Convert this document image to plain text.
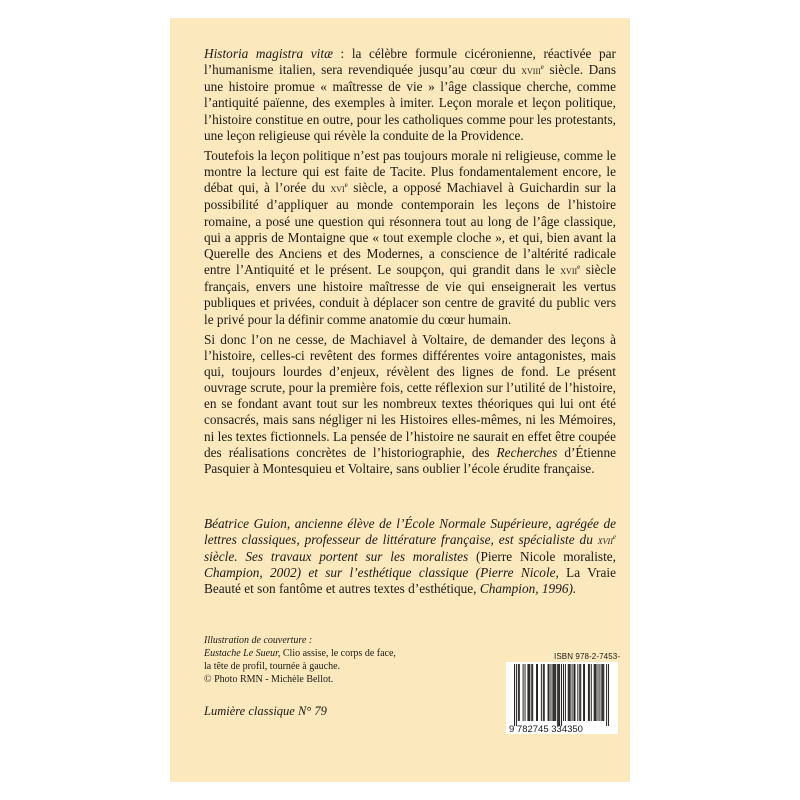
Historia magistra vitæ : la célèbre formule cicéronienne, réactivée par l’humanisme italien, sera revendiquée jusqu’au cœur du xviii$^e$ siècle. Dans une histoire promue « maîtresse de vie » l’âge classique cherche, comme l’antiquité païenne, des exemples à imiter. Leçon morale et leçon politique, l’histoire constitue en outre, pour les catholiques comme pour les protestants, une leçon religieuse qui révèle la conduite de la Providence.

Toutefois la leçon politique n’est pas toujours morale ni religieuse, comme le montre la lecture qui est faite de Tacite. Plus fondamentalement encore, le débat qui, à l’orée du xvi$^e$ siècle, a opposé Machiavel à Guichardin sur la possibilité d’appliquer au monde contemporain les leçons de l’histoire romaine, a posé une question qui résonnera tout au long de l’âge classique, qui a appris de Montaigne que « tout exemple cloche », et qui, bien avant la Querelle des Anciens et des Modernes, a conscience de l’altérité radicale entre l’Antiquité et le présent. Le soupçon, qui grandit dans le xvii$^e$ siècle français, envers une histoire maîtresse de vie qui enseignerait les vertus publiques et privées, conduit à déplacer son centre de gravité du public vers le privé pour la définir comme anatomie du cœur humain.

Si donc l’on ne cesse, de Machiavel à Voltaire, de demander des leçons à l’histoire, celles-ci revêtent des formes différentes voire antagonistes, mais qui, toujours lourdes d’enjeux, révèlent des lignes de fond. Le présent ouvrage scrute, pour la première fois, cette réflexion sur l’utilité de l’histoire, en se fondant avant tout sur les nombreux textes théoriques qui lui ont été consacrés, mais sans négliger ni les Histoires elles-mêmes, ni les Mémoires, ni les textes fictionnels. La pensée de l’histoire ne saurait en effet être coupée des réalisations concrètes de l’historiographie, des Recherches d’Étienne Pasquier à Montesquieu et Voltaire, sans oublier l’école érudite française.

Béatrice Guion, ancienne élève de l’École Normale Supérieure, agrégée de lettres classiques, professeur de littérature française, est spécialiste du xvii$^e$ siècle. Ses travaux portent sur les moralistes (Pierre Nicole moraliste, Champion, 2002) et sur l’esthétique classique (Pierre Nicole, La Vraie Beauté et son fantôme et autres textes d’esthétique, Champion, 1996).
Illustration de couverture :
Eustache Le Sueur, Clio assise, le corps de face,
la tête de profil, tournée à gauche.
© Photo RMN - Michèle Bellot.
Lumière classique N° 79
ISBN 978-2-7453-
9 782745 334350
